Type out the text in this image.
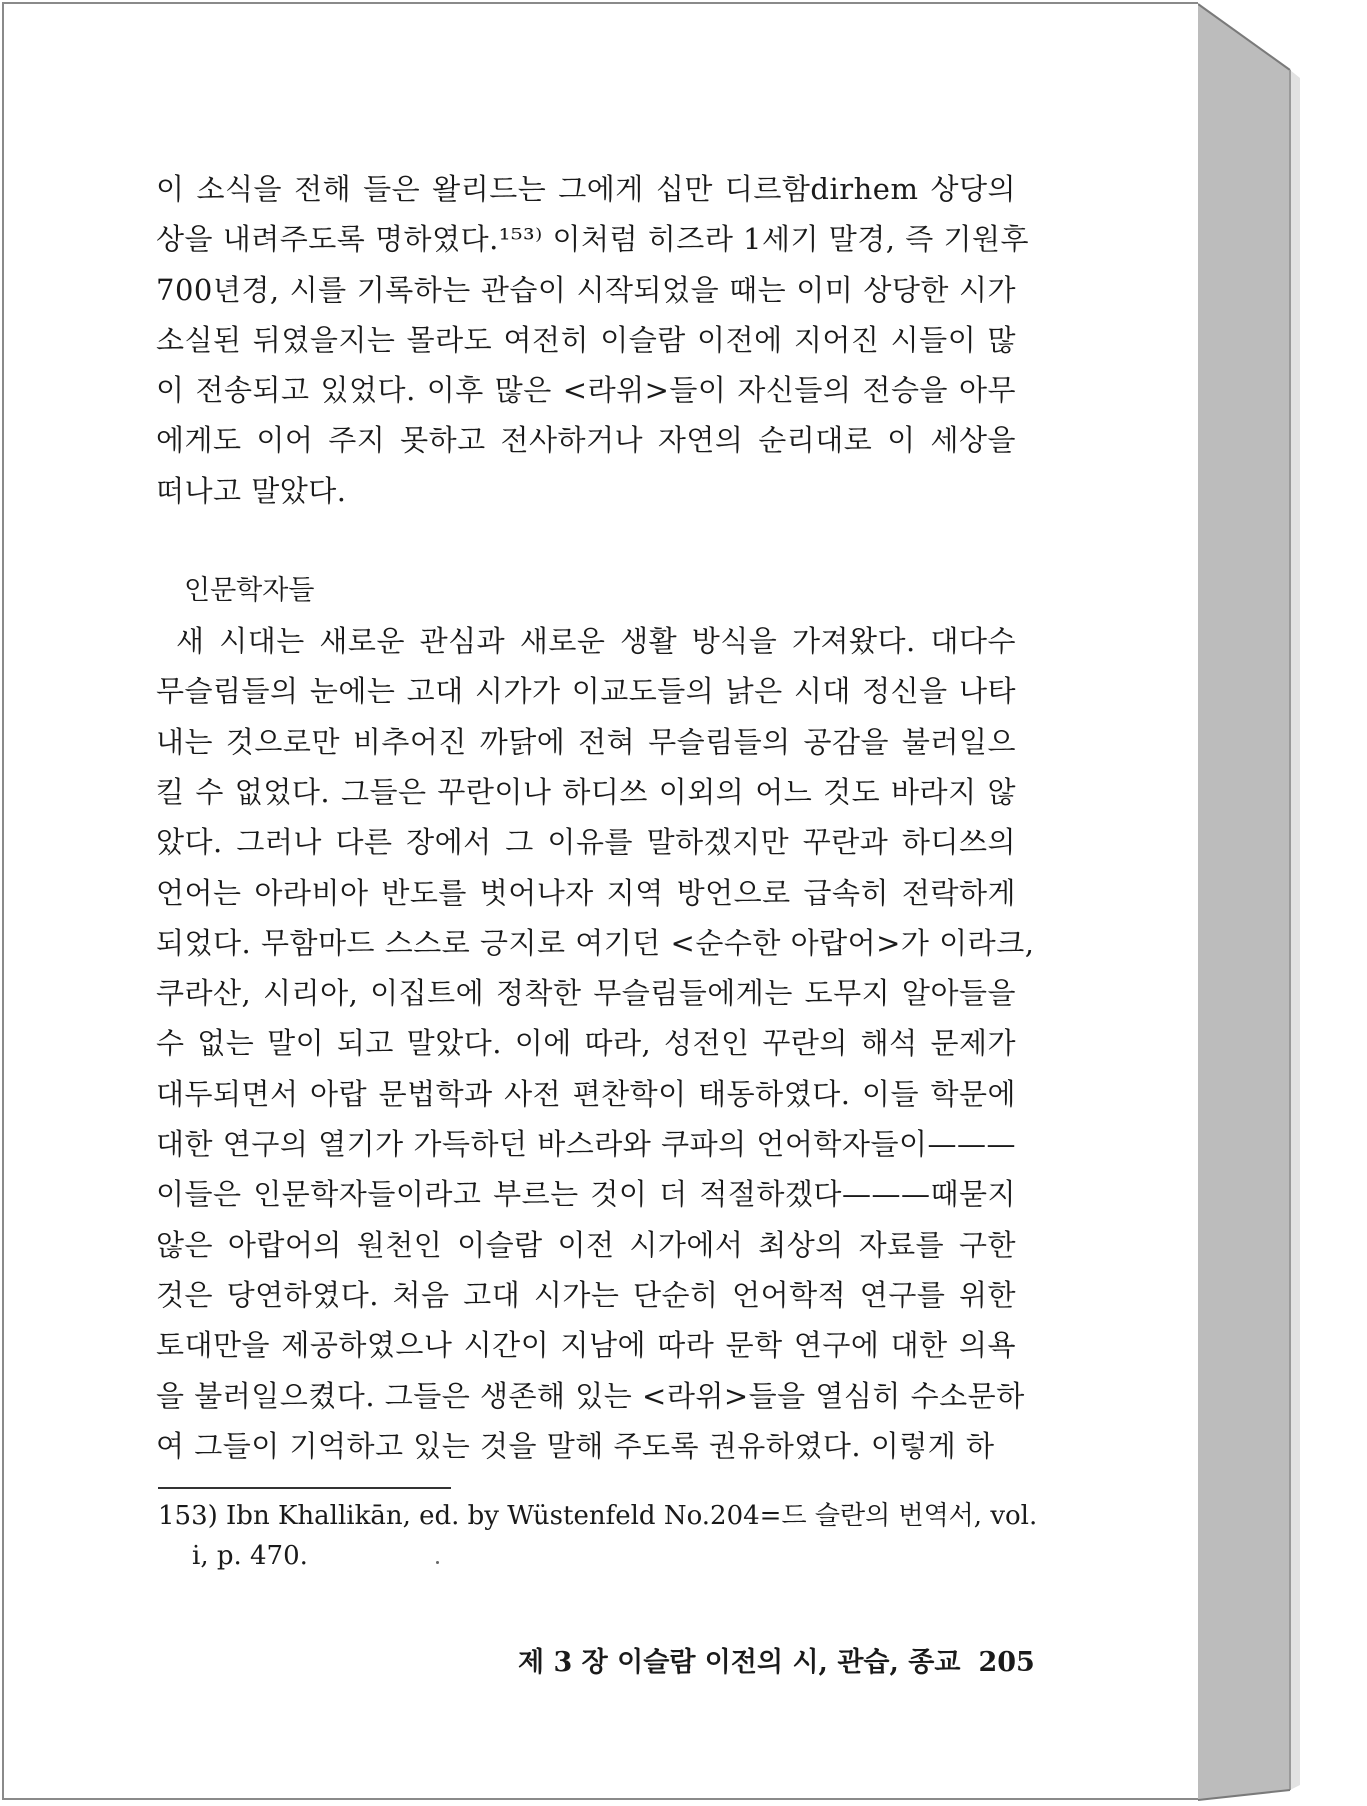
이 소식을 전해 들은 왈리드는 그에게 십만 디르함dirhem 상당의

상을 내려주도록 명하였다.¹⁵³⁾ 이처럼 히즈라 1세기 말경, 즉 기원후

700년경, 시를 기록하는 관습이 시작되었을 때는 이미 상당한 시가

소실된 뒤였을지는 몰라도 여전히 이슬람 이전에 지어진 시들이 많

이 전송되고 있었다. 이후 많은 <라위>들이 자신들의 전승을 아무

에게도 이어 주지 못하고 전사하거나 자연의 순리대로 이 세상을

떠나고 말았다.

인문학자들

새 시대는 새로운 관심과 새로운 생활 방식을 가져왔다. 대다수

무슬림들의 눈에는 고대 시가가 이교도들의 낡은 시대 정신을 나타

내는 것으로만 비추어진 까닭에 전혀 무슬림들의 공감을 불러일으

킬 수 없었다. 그들은 꾸란이나 하디쓰 이외의 어느 것도 바라지 않

았다. 그러나 다른 장에서 그 이유를 말하겠지만 꾸란과 하디쓰의

언어는 아라비아 반도를 벗어나자 지역 방언으로 급속히 전락하게

되었다. 무함마드 스스로 긍지로 여기던 <순수한 아랍어>가 이라크,

쿠라산, 시리아, 이집트에 정착한 무슬림들에게는 도무지 알아들을

수 없는 말이 되고 말았다. 이에 따라, 성전인 꾸란의 해석 문제가

대두되면서 아랍 문법학과 사전 편찬학이 태동하였다. 이들 학문에

대한 연구의 열기가 가득하던 바스라와 쿠파의 언어학자들이———

이들은 인문학자들이라고 부르는 것이 더 적절하겠다———때묻지

않은 아랍어의 원천인 이슬람 이전 시가에서 최상의 자료를 구한

것은 당연하였다. 처음 고대 시가는 단순히 언어학적 연구를 위한

토대만을 제공하였으나 시간이 지남에 따라 문학 연구에 대한 의욕

을 불러일으켰다. 그들은 생존해 있는 <라위>들을 열심히 수소문하

여 그들이 기억하고 있는 것을 말해 주도록 권유하였다. 이렇게 하

153) Ibn Khallikān, ed. by Wüstenfeld No.204=드 슬란의 번역서, vol.

i, p. 470.

제 3 장 이슬람 이전의 시, 관습, 종교 205
